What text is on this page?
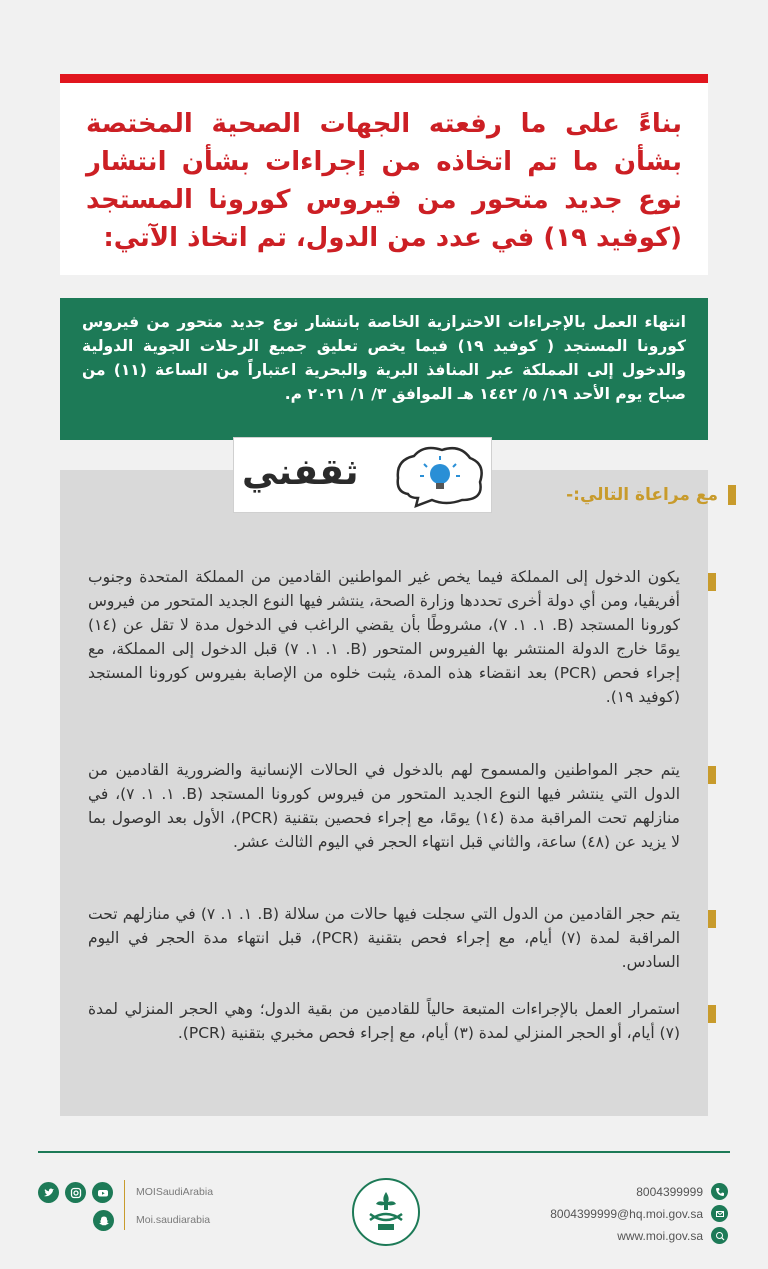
بناءً على ما رفعته الجهات الصحية المختصة بشأن ما تم اتخاذه من إجراءات بشأن انتشار نوع جديد متحور من فيروس كورونا المستجد (كوفيد ١٩) في عدد من الدول، تم اتخاذ الآتي:

انتهاء العمل بالإجراءات الاحترازية الخاصة بانتشار نوع جديد متحور من فيروس كورونا المستجد ( كوفيد ١٩) فيما يخص تعليق جميع الرحلات الجوية الدولية والدخول إلى المملكة عبر المنافذ البرية والبحرية اعتباراً من الساعة (١١) من صباح يوم الأحد ١٩/ ٥/ ١٤٤٢ هـ الموافق ٣/ ١/ ٢٠٢١ م.

ثقفني
مع مراعاة التالي:-

يكون الدخول إلى المملكة فيما يخص غير المواطنين القادمين من المملكة المتحدة وجنوب أفريقيا، ومن أي دولة أخرى تحددها وزارة الصحة، ينتشر فيها النوع الجديد المتحور من فيروس كورونا المستجد (B. ١. ١. ٧)، مشروطًا بأن يقضي الراغب في الدخول مدة لا تقل عن (١٤) يومًا خارج الدولة المنتشر بها الفيروس المتحور (B. ١. ١. ٧) قبل الدخول إلى المملكة، مع إجراء فحص (PCR) بعد انقضاء هذه المدة، يثبت خلوه من الإصابة بفيروس كورونا المستجد (كوفيد ١٩).

يتم حجر المواطنين والمسموح لهم بالدخول في الحالات الإنسانية والضرورية القادمين من الدول التي ينتشر فيها النوع الجديد المتحور من فيروس كورونا المستجد (B. ١. ١. ٧)، في منازلهم تحت المراقبة مدة (١٤) يومًا، مع إجراء فحصين بتقنية (PCR)، الأول بعد الوصول بما لا يزيد عن (٤٨) ساعة، والثاني قبل انتهاء الحجر في اليوم الثالث عشر.

يتم حجر القادمين من الدول التي سجلت فيها حالات من سلالة (B. ١. ١. ٧) في منازلهم تحت المراقبة لمدة (٧) أيام، مع إجراء فحص بتقنية (PCR)، قبل انتهاء مدة الحجر في اليوم السادس.

استمرار العمل بالإجراءات المتبعة حالياً للقادمين من بقية الدول؛ وهي الحجر المنزلي لمدة (٧) أيام، أو الحجر المنزلي لمدة (٣) أيام، مع إجراء فحص مخبري بتقنية (PCR).

MOISaudiArabia
Moi.saudiarabia
8004399999
8004399999@hq.moi.gov.sa
www.moi.gov.sa
